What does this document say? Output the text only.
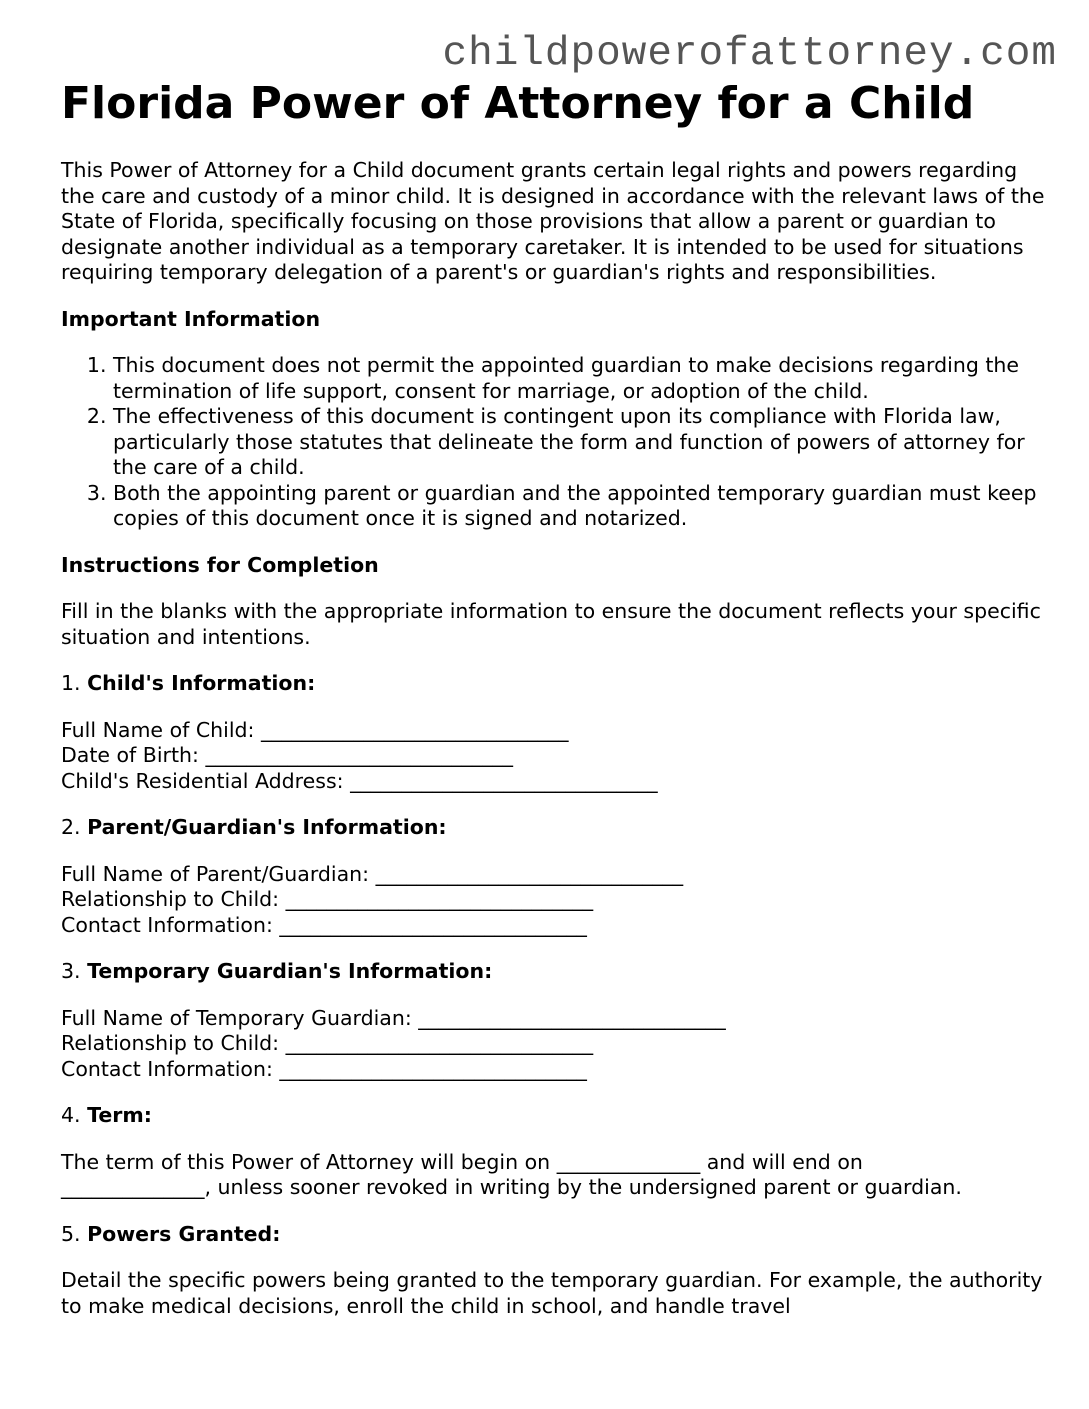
childpowerofattorney.com
Florida Power of Attorney for a Child

This Power of Attorney for a Child document grants certain legal rights and powers regarding the care and custody of a minor child. It is designed in accordance with the relevant laws of the State of Florida, specifically focusing on those provisions that allow a parent or guardian to designate another individual as a temporary caretaker. It is intended to be used for situations requiring temporary delegation of a parent's or guardian's rights and responsibilities.

Important Information

1. This document does not permit the appointed guardian to make decisions regarding the termination of life support, consent for marriage, or adoption of the child.
2. The effectiveness of this document is contingent upon its compliance with Florida law, particularly those statutes that delineate the form and function of powers of attorney for the care of a child.
3. Both the appointing parent or guardian and the appointed temporary guardian must keep copies of this document once it is signed and notarized.

Instructions for Completion

Fill in the blanks with the appropriate information to ensure the document reflects your specific situation and intentions.

1. Child's Information:

Full Name of Child: ______________________________

Date of Birth: ______________________________

Child's Residential Address: ______________________________

2. Parent/Guardian's Information:

Full Name of Parent/Guardian: ______________________________

Relationship to Child: ______________________________

Contact Information: ______________________________

3. Temporary Guardian's Information:

Full Name of Temporary Guardian: ______________________________

Relationship to Child: ______________________________

Contact Information: ______________________________

4. Term:

The term of this Power of Attorney will begin on ______________ and will end on
______________, unless sooner revoked in writing by the undersigned parent or guardian.

5. Powers Granted:

Detail the specific powers being granted to the temporary guardian. For example, the authority to make medical decisions, enroll the child in school, and handle travel
